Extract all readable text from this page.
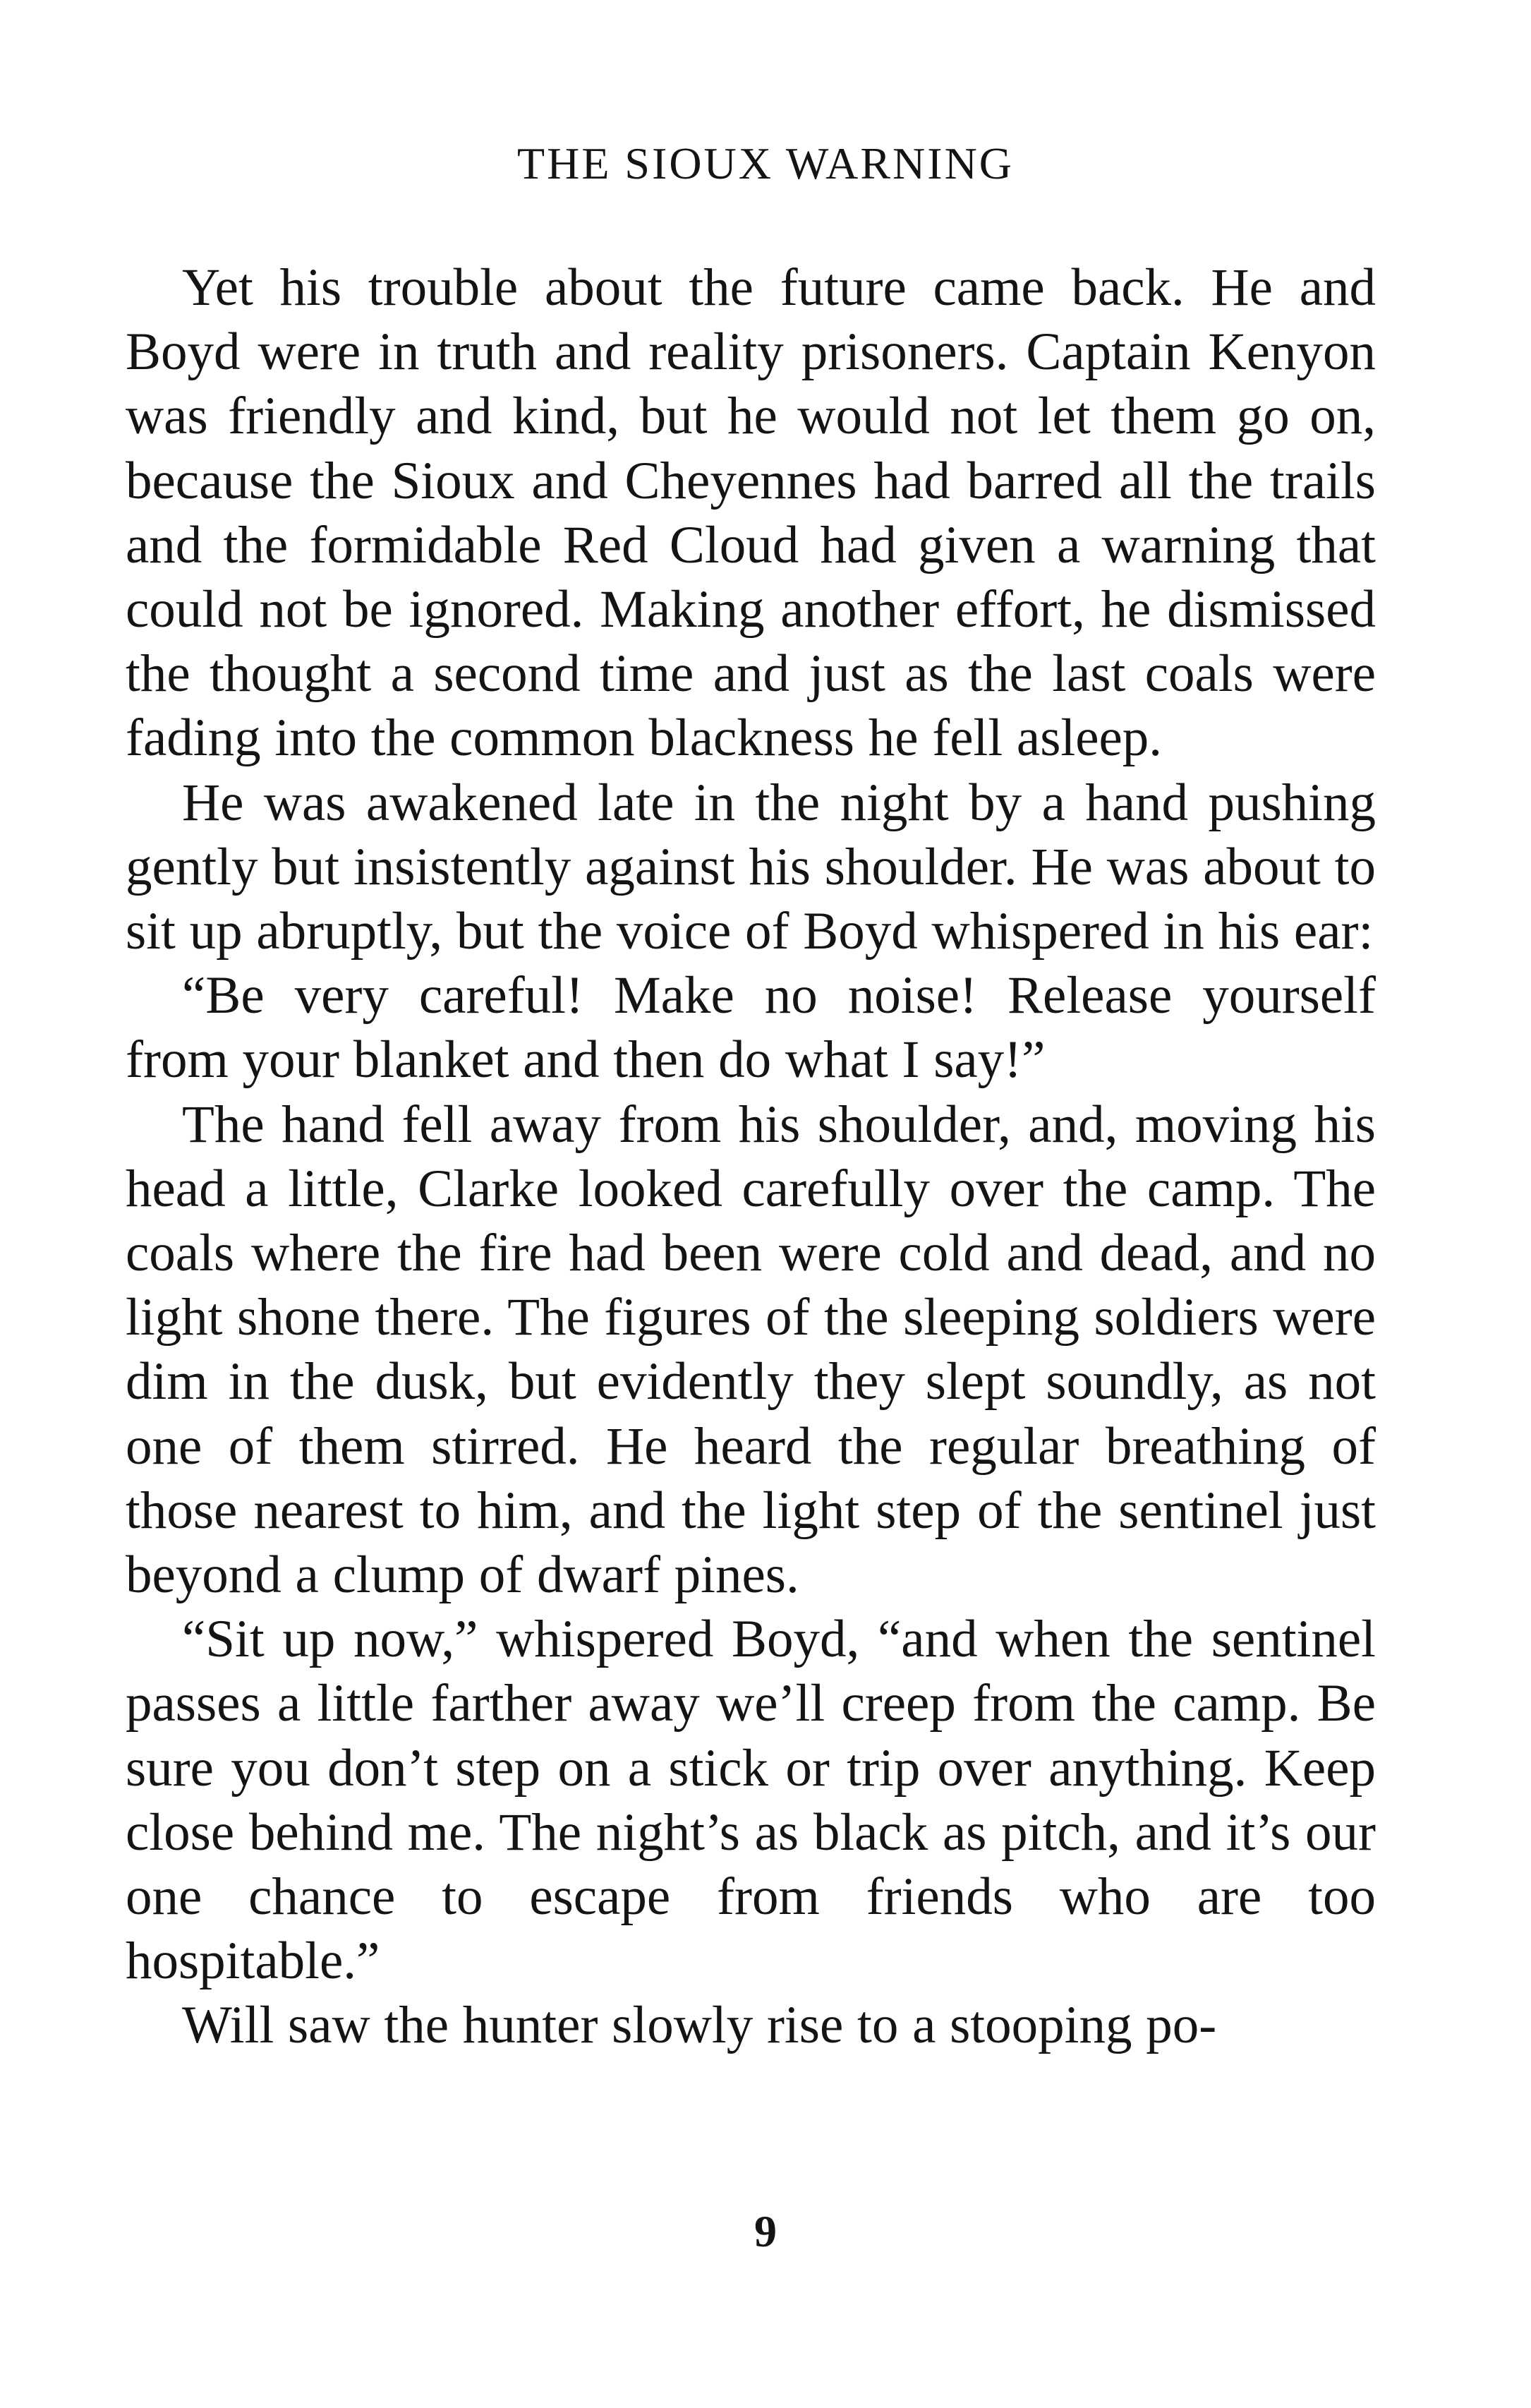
THE SIOUX WARNING

Yet his trouble about the future came back. He and Boyd were in truth and reality prisoners. Captain Kenyon was friendly and kind, but he would not let them go on, because the Sioux and Cheyennes had barred all the trails and the formidable Red Cloud had given a warning that could not be ignored. Making another effort, he dismissed the thought a second time and just as the last coals were fading into the common blackness he fell asleep.

He was awakened late in the night by a hand pushing gently but insistently against his shoulder. He was about to sit up abruptly, but the voice of Boyd whispered in his ear:

“Be very careful! Make no noise! Release yourself from your blanket and then do what I say!”

The hand fell away from his shoulder, and, moving his head a little, Clarke looked carefully over the camp. The coals where the fire had been were cold and dead, and no light shone there. The figures of the sleeping soldiers were dim in the dusk, but evidently they slept soundly, as not one of them stirred. He heard the regular breathing of those nearest to him, and the light step of the sentinel just beyond a clump of dwarf pines.

“Sit up now,” whispered Boyd, “and when the sentinel passes a little farther away we’ll creep from the camp. Be sure you don’t step on a stick or trip over anything. Keep close behind me. The night’s as black as pitch, and it’s our one chance to escape from friends who are too hospitable.”

Will saw the hunter slowly rise to a stooping po-

9
